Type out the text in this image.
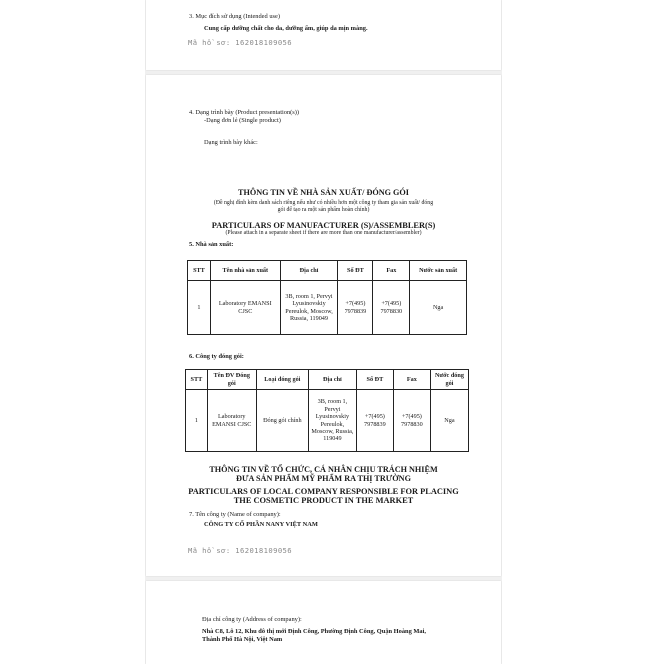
3. Mục đích sử dụng (Intended use)
Cung cấp dưỡng chất cho da, dưỡng ẩm, giúp da mịn màng.
Mã hồ sơ: 162018109056
4. Dạng trình bày (Product presentation(s))
-Dạng đơn lẻ (Single product)
Dạng trình bày khác:
THÔNG TIN VỀ NHÀ SẢN XUẤT/ ĐÓNG GÓI
(Đề nghị đính kèm danh sách riêng nếu như có nhiều hơn một công ty tham gia sản xuất/ đóng
gói để tạo ra một sản phẩm hoàn chỉnh)
PARTICULARS OF MANUFACTURER (S)/ASSEMBLER(S)
(Please attach in a separate sheet if there are more than one manufacturer/assembler)
5. Nhà sản xuất:
STT	Tên nhà sản xuất	Địa chỉ	Số ĐT	Fax	Nước sản xuất
1	Laboratory EMANSI CJSC	3B, room 1, Pervyi Lyusinovskiy Pereulok, Moscow, Russia, 119049	+7(495) 7978839	+7(495) 7978830	Nga
6. Công ty đóng gói:
STT	Tên ĐV Đóng gói	Loại đóng gói	Địa chỉ	Số ĐT	Fax	Nước đóng gói
1	Laboratory EMANSI CJSC	Đóng gói chính	3B, room 1, Pervyi Lyusinovskiy Pereulok, Moscow, Russia, 119049	+7(495) 7978839	+7(495) 7978830	Nga
THÔNG TIN VỀ TỔ CHỨC, CÁ NHÂN CHỊU TRÁCH NHIỆM
ĐƯA SẢN PHẨM MỸ PHẨM RA THỊ TRƯỜNG
PARTICULARS OF LOCAL COMPANY RESPONSIBLE FOR PLACING
THE COSMETIC PRODUCT IN THE MARKET
7. Tên công ty (Name of company):
CÔNG TY CỔ PHẦN NANY VIỆT NAM
Mã hồ sơ: 162018109056
Địa chỉ công ty (Address of company):
Nhà C8, Lô 12, Khu đô thị mới Định Công, Phường Định Công, Quận Hoàng Mai,
Thành Phố Hà Nội, Việt Nam
